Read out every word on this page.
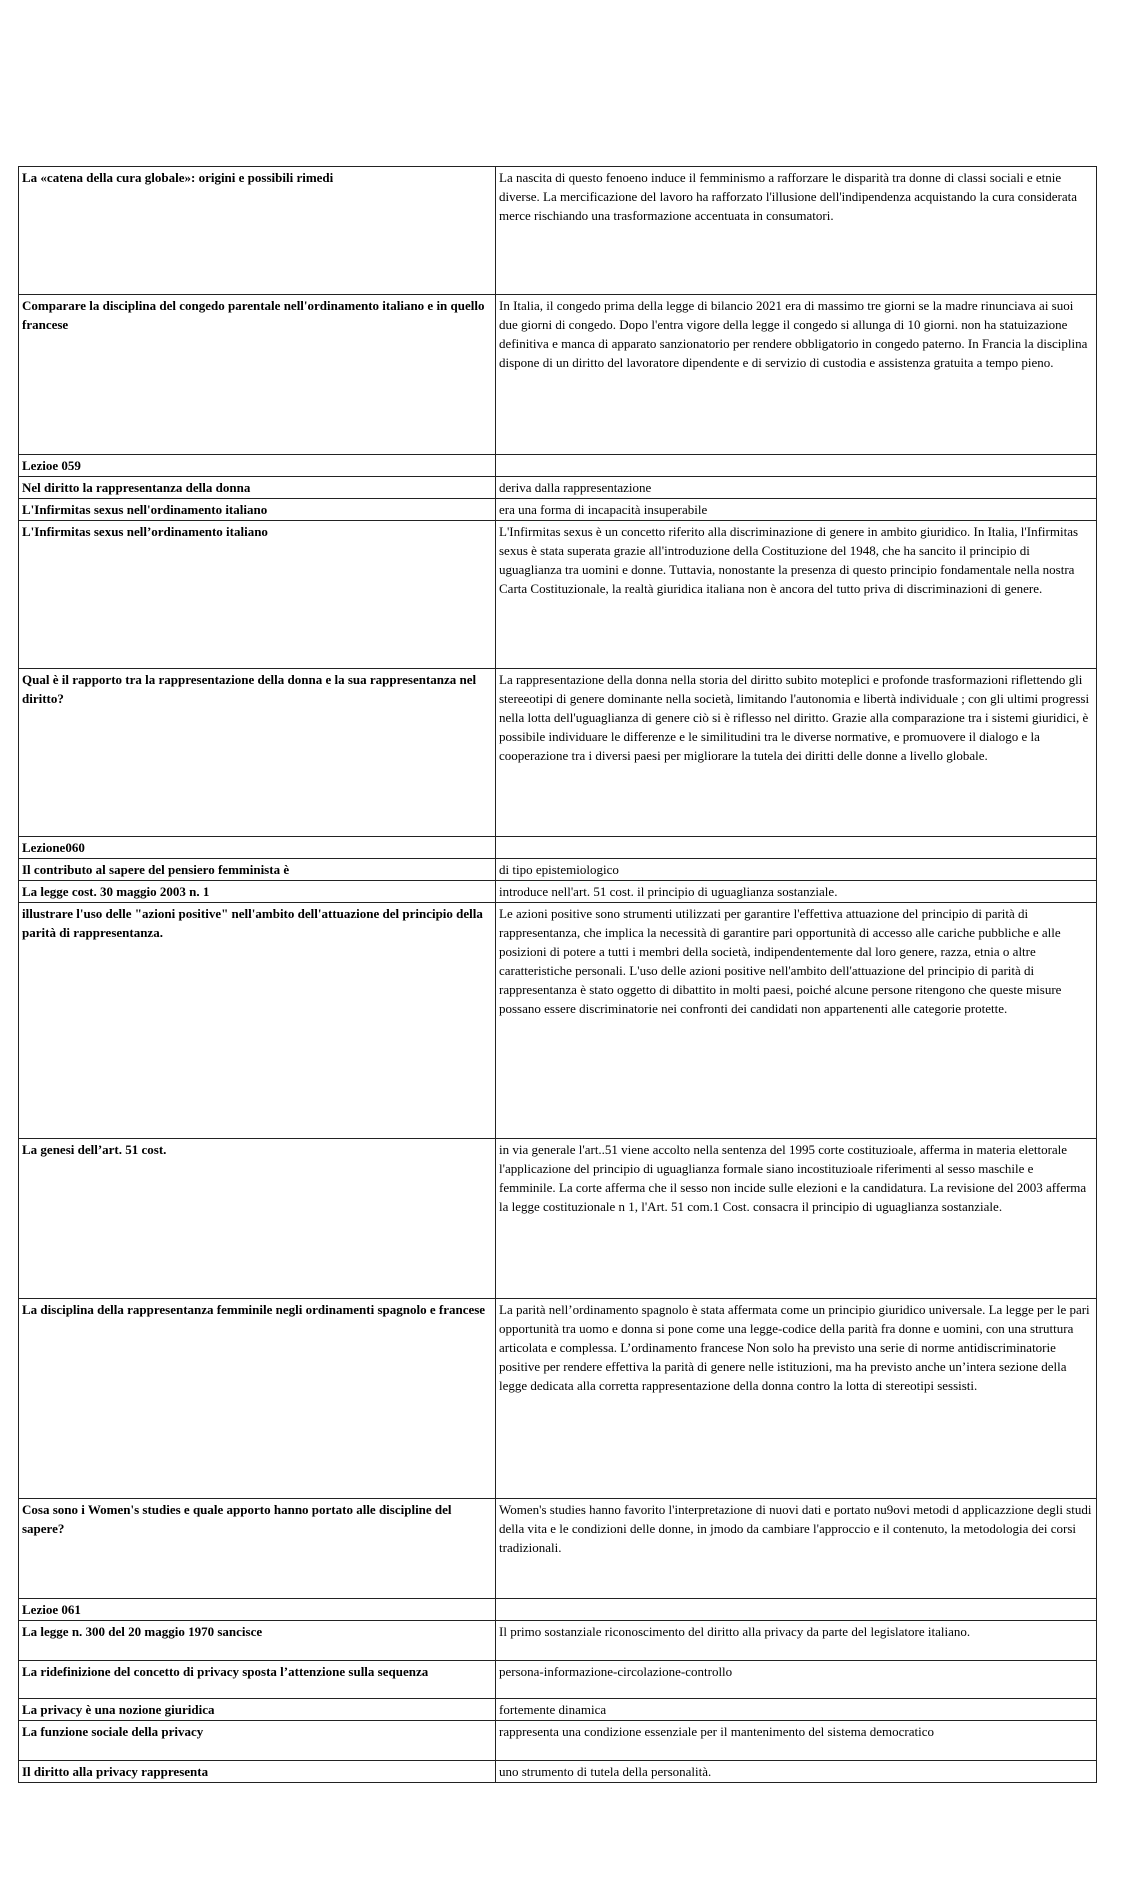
La «catena della cura globale»: origini e possibili rimedi	La nascita di questo fenoeno induce il femminismo a rafforzare le disparità tra donne di classi sociali e etnie diverse. La mercificazione del lavoro ha rafforzato l'illusione dell'indipendenza acquistando la cura considerata merce rischiando una trasformazione accentuata in consumatori.
Comparare la disciplina del congedo parentale nell'ordinamento italiano e in quello francese	In Italia, il congedo prima della legge di bilancio 2021 era di massimo tre giorni se la madre rinunciava ai suoi due giorni di congedo. Dopo l'entra vigore della legge il congedo si allunga di 10 giorni. non ha statuizazione definitiva e manca di apparato sanzionatorio per rendere obbligatorio in congedo paterno. In Francia la disciplina dispone di un diritto del lavoratore dipendente e di servizio di custodia e assistenza gratuita a tempo pieno.
Lezioe 059	
Nel diritto la rappresentanza della donna	deriva dalla rappresentazione
L'Infirmitas sexus nell'ordinamento italiano	era una forma di incapacità insuperabile
L'Infirmitas sexus nell’ordinamento italiano	L'Infirmitas sexus è un concetto riferito alla discriminazione di genere in ambito giuridico. In Italia, l'Infirmitas sexus è stata superata grazie all'introduzione della Costituzione del 1948, che ha sancito il principio di uguaglianza tra uomini e donne. Tuttavia, nonostante la presenza di questo principio fondamentale nella nostra Carta Costituzionale, la realtà giuridica italiana non è ancora del tutto priva di discriminazioni di genere.
Qual è il rapporto tra la rappresentazione della donna e la sua rappresentanza nel diritto?	La rappresentazione della donna nella storia del diritto subito moteplici e profonde trasformazioni riflettendo gli stereeotipi di genere dominante nella società, limitando l'autonomia e libertà individuale ; con gli ultimi progressi nella lotta dell'uguaglianza di genere ciò si è riflesso nel diritto. Grazie alla comparazione tra i sistemi giuridici, è possibile individuare le differenze e le similitudini tra le diverse normative, e promuovere il dialogo e la cooperazione tra i diversi paesi per migliorare la tutela dei diritti delle donne a livello globale.
Lezione060	
Il contributo al sapere del pensiero femminista è	di tipo epistemiologico
La legge cost. 30 maggio 2003 n. 1	introduce nell'art. 51 cost. il principio di uguaglianza sostanziale.
illustrare l'uso delle "azioni positive" nell'ambito dell'attuazione del principio della parità di rappresentanza.	Le azioni positive sono strumenti utilizzati per garantire l'effettiva attuazione del principio di parità di rappresentanza, che implica la necessità di garantire pari opportunità di accesso alle cariche pubbliche e alle posizioni di potere a tutti i membri della società, indipendentemente dal loro genere, razza, etnia o altre caratteristiche personali. L'uso delle azioni positive nell'ambito dell'attuazione del principio di parità di rappresentanza è stato oggetto di dibattito in molti paesi, poiché alcune persone ritengono che queste misure possano essere discriminatorie nei confronti dei candidati non appartenenti alle categorie protette.
La genesi dell’art. 51 cost.	in via generale l'art..51 viene accolto nella sentenza del 1995 corte costituzioale, afferma in materia elettorale l'applicazione del principio di uguaglianza formale siano incostituzioale riferimenti al sesso maschile e femminile. La corte afferma che il sesso non incide sulle elezioni e la candidatura. La revisione del 2003 afferma la legge costituzionale n 1, l'Art. 51 com.1 Cost. consacra il principio di uguaglianza sostanziale.
La disciplina della rappresentanza femminile negli ordinamenti spagnolo e francese	La parità nell’ordinamento spagnolo è stata affermata come un principio giuridico universale. La legge per le pari opportunità tra uomo e donna si pone come una legge-codice della parità fra donne e uomini, con una struttura articolata e complessa. L’ordinamento francese Non solo ha previsto una serie di norme antidiscriminatorie positive per rendere effettiva la parità di genere nelle istituzioni, ma ha previsto anche un’intera sezione della legge dedicata alla corretta rappresentazione della donna contro la lotta di stereotipi sessisti.
Cosa sono i Women's studies e quale apporto hanno portato alle discipline del sapere?	Women's studies hanno favorito l'interpretazione di nuovi dati e portato nu9ovi metodi d applicazzione degli studi della vita e le condizioni delle donne, in jmodo da cambiare l'approccio e il contenuto, la metodologia dei corsi tradizionali.
Lezioe 061	
La legge n. 300 del 20 maggio 1970 sancisce	Il primo sostanziale riconoscimento del diritto alla privacy da parte del legislatore italiano.
La ridefinizione del concetto di privacy sposta l’attenzione sulla sequenza	persona-informazione-circolazione-controllo
La privacy è una nozione giuridica	fortemente dinamica
La funzione sociale della privacy	rappresenta una condizione essenziale per il mantenimento del sistema democratico
Il diritto alla privacy rappresenta	uno strumento di tutela della personalità.
